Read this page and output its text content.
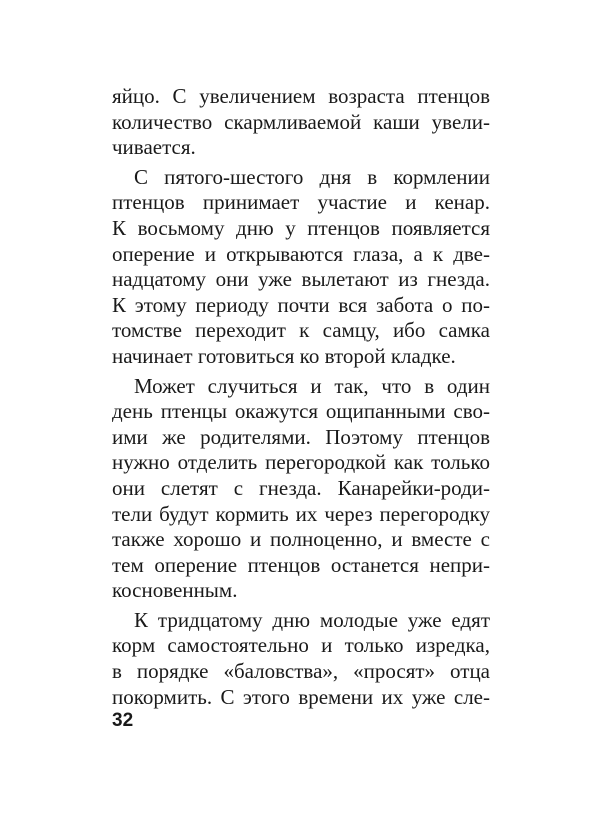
яйцо. С увеличением возраста птенцов
количество скармливаемой каши увели-
чивается.
С пятого-шестого дня в кормлении
птенцов принимает участие и кенар.
К восьмому дню у птенцов появляется
оперение и открываются глаза, а к две-
надцатому они уже вылетают из гнезда.
К этому периоду почти вся забота о по-
томстве переходит к самцу, ибо самка
начинает готовиться ко второй кладке.
Может случиться и так, что в один
день птенцы окажутся ощипанными сво-
ими же родителями. Поэтому птенцов
нужно отделить перегородкой как только
они слетят с гнезда. Канарейки-роди-
тели будут кормить их через перегородку
также хорошо и полноценно, и вместе с
тем оперение птенцов останется непри-
косновенным.
К тридцатому дню молодые уже едят
корм самостоятельно и только изредка,
в порядке «баловства», «просят» отца
покормить. С этого времени их уже сле-
32
